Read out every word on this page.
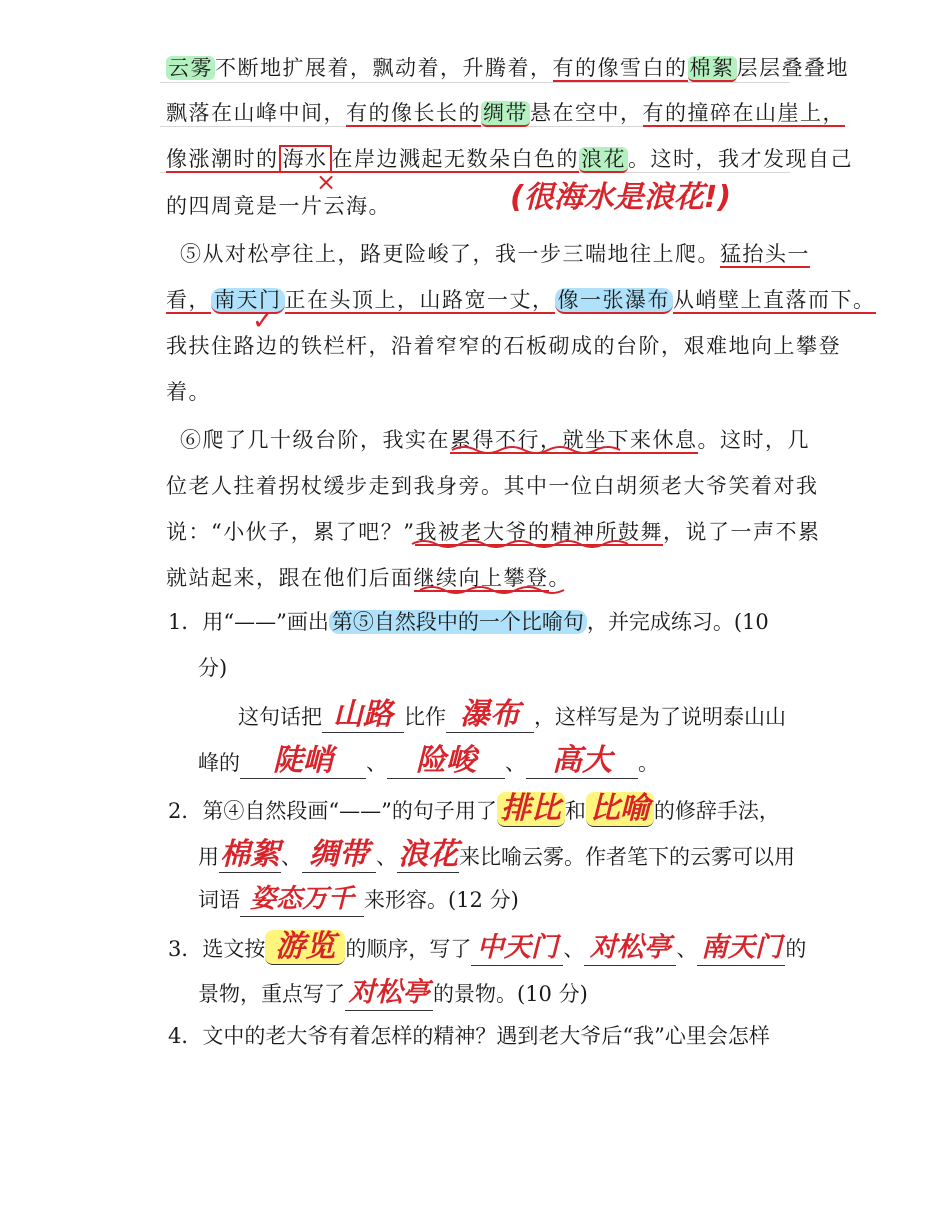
云雾不断地扩展着，飘动着，升腾着，有的像雪白的棉絮层层叠叠地
飘落在山峰中间，有的像长长的绸带悬在空中，有的撞碎在山崖上，
像涨潮时的 海水 在岸边溅起无数朵白色的浪花。这时，我才发现自己
的四周竟是一片云海。
×	(很海水是浪花!)
⑤从对松亭往上，路更险峻了，我一步三喘地往上爬。猛抬头一
看， 南天门 正在头顶上，山路宽一丈， 像一张瀑布 从峭壁上直落而下。
✓
我扶住路边的铁栏杆，沿着窄窄的石板砌成的台阶，艰难地向上攀登
着。
⑥爬了几十级台阶，我实在累得不行，就坐下来休息。这时，几
位老人拄着拐杖缓步走到我身旁。其中一位白胡须老大爷笑着对我
说：“小伙子，累了吧？”我被老大爷的精神所鼓舞，说了一声不累
就站起来，跟在他们后面继续向上攀登。
1．用“——”画出 第⑤自然段中的一个比喻句 ，并完成练习。(10
分)
这句话把 山路 比作 瀑布 ，这样写是为了说明泰山山
峰的 陡峭 、 险峻 、 高大 。
2．第④自然段画“——”的句子用了 排比 和 比喻 的修辞手法，
用棉絮、 绸带 、浪花来比喻云雾。作者笔下的云雾可以用
词语 姿态万千 来形容。(12 分)
3．选文按 游览 的顺序，写了 中天门 、 对松亭 、 南天门 的
景物，重点写了 对松亭 的景物。(10 分)
4．文中的老大爷有着怎样的精神？遇到老大爷后“我”心里会怎样
